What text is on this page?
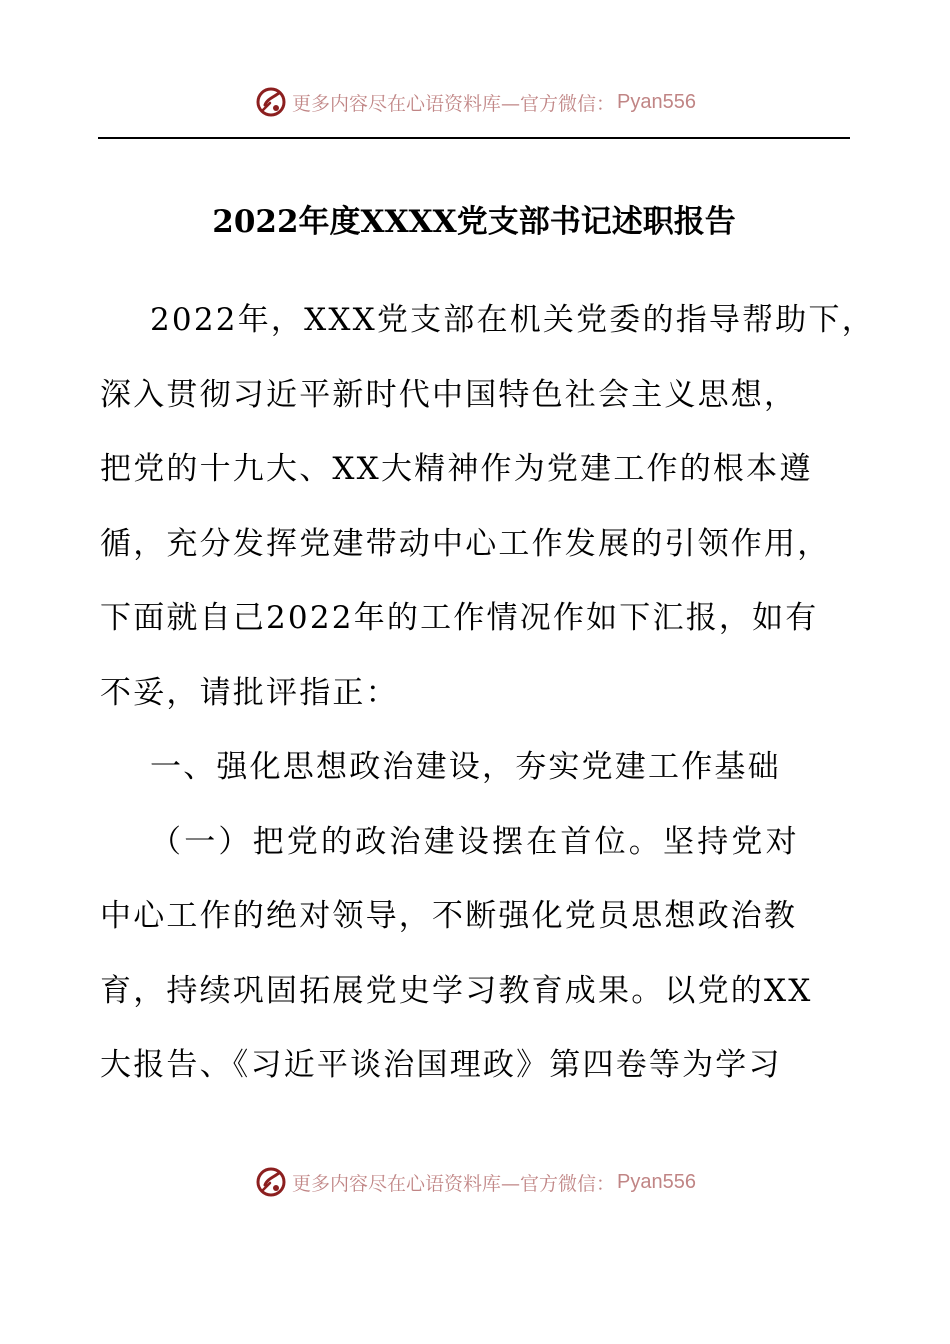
更多内容尽在心语资料库—官方微信： Pyan556
2022年度XXXX党支部书记述职报告
2022年，XXX党支部在机关党委的指导帮助下，
深入贯彻习近平新时代中国特色社会主义思想，
把党的十九大、XX大精神作为党建工作的根本遵
循，充分发挥党建带动中心工作发展的引领作用，
下面就自己2022年的工作情况作如下汇报，如有
不妥，请批评指正：
一、强化思想政治建设，夯实党建工作基础
（一）把党的政治建设摆在首位。坚持党对
中心工作的绝对领导，不断强化党员思想政治教
育，持续巩固拓展党史学习教育成果。以党的XX
大报告、《习近平谈治国理政》第四卷等为学习
更多内容尽在心语资料库—官方微信： Pyan556
